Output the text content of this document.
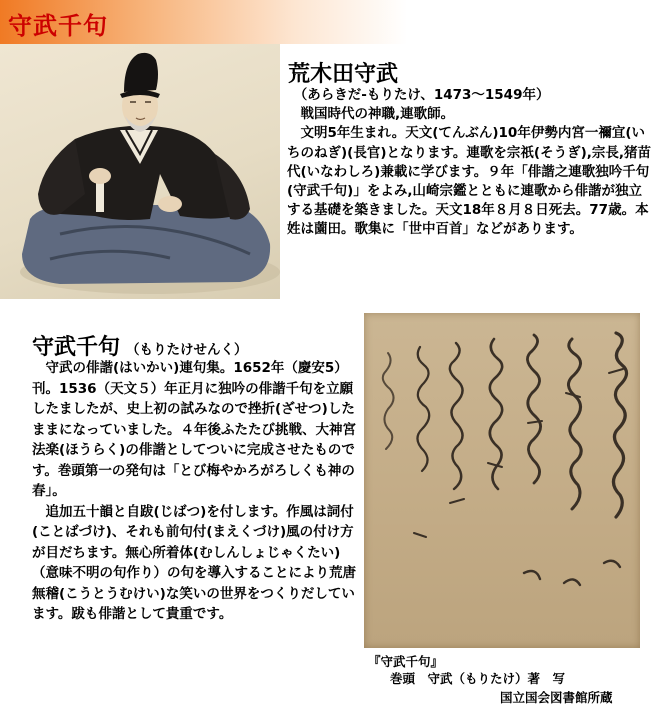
守武千句
荒木田守武

（あらきだ-もりたけ、1473～1549年）

戦国時代の神職,連歌師。

文明5年生まれ。天文(てんぶん)10年伊勢内宮一禰宜(いちのねぎ)(長官)となります。連歌を宗祇(そうぎ),宗長,猪苗代(いなわしろ)兼載に学びます。９年「俳諧之連歌独吟千句(守武千句)」をよみ,山崎宗鑑とともに連歌から俳諧が独立する基礎を築きました。天文18年８月８日死去。77歳。本姓は薗田。歌集に「世中百首」などがあります。

守武千句 （もりたけせんく）

守武の俳諧(はいかい)連句集。1652年（慶安5）刊。1536（天文５）年正月に独吟の俳諧千句を立願したましたが、史上初の試みなので挫折(ざせつ)したままになっていました。４年後ふたたび挑戦、大神宮法楽(ほうらく)の俳諧としてついに完成させたものです。巻頭第一の発句は「とび梅やかろがろしくも神の春」。

追加五十韻と自跋(じばつ)を付します。作風は詞付(ことばづけ)、それも前句付(まえくづけ)風の付け方が目だちます。無心所着体(むしんしょじゃくたい)（意味不明の句作り）の句を導入することにより荒唐無稽(こうとうむけい)な笑いの世界をつくりだしています。跋も俳諧として貴重です。

『守武千句』
巻頭　守武（もりたけ）著　写
国立国会図書館所蔵
